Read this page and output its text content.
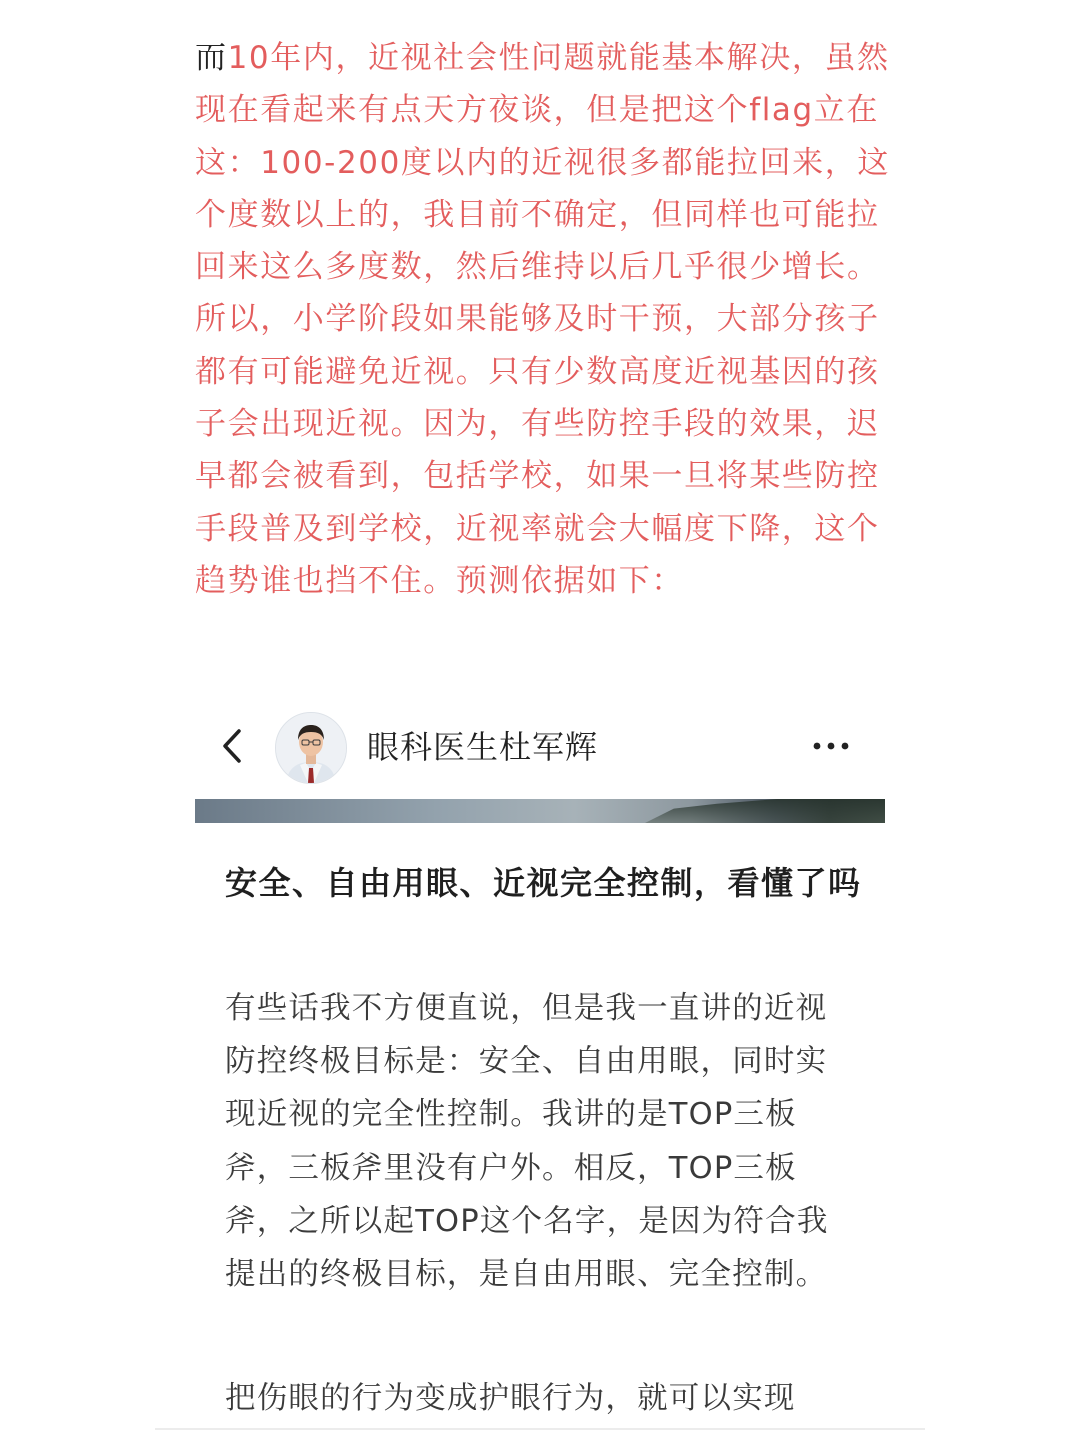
而10年内，近视社会性问题就能基本解决，虽然现在看起来有点天方夜谈，但是把这个flag立在这：100-200度以内的近视很多都能拉回来，这个度数以上的，我目前不确定，但同样也可能拉回来这么多度数，然后维持以后几乎很少增长。所以，小学阶段如果能够及时干预，大部分孩子都有可能避免近视。只有少数高度近视基因的孩子会出现近视。因为，有些防控手段的效果，迟早都会被看到，包括学校，如果一旦将某些防控手段普及到学校，近视率就会大幅度下降，这个趋势谁也挡不住。预测依据如下：
眼科医生杜军辉
安全、自由用眼、近视完全控制，看懂了吗
有些话我不方便直说，但是我一直讲的近视防控终极目标是：安全、自由用眼，同时实现近视的完全性控制。我讲的是TOP三板斧，三板斧里没有户外。相反，TOP三板斧，之所以起TOP这个名字，是因为符合我提出的终极目标，是自由用眼、完全控制。
把伤眼的行为变成护眼行为，就可以实现
